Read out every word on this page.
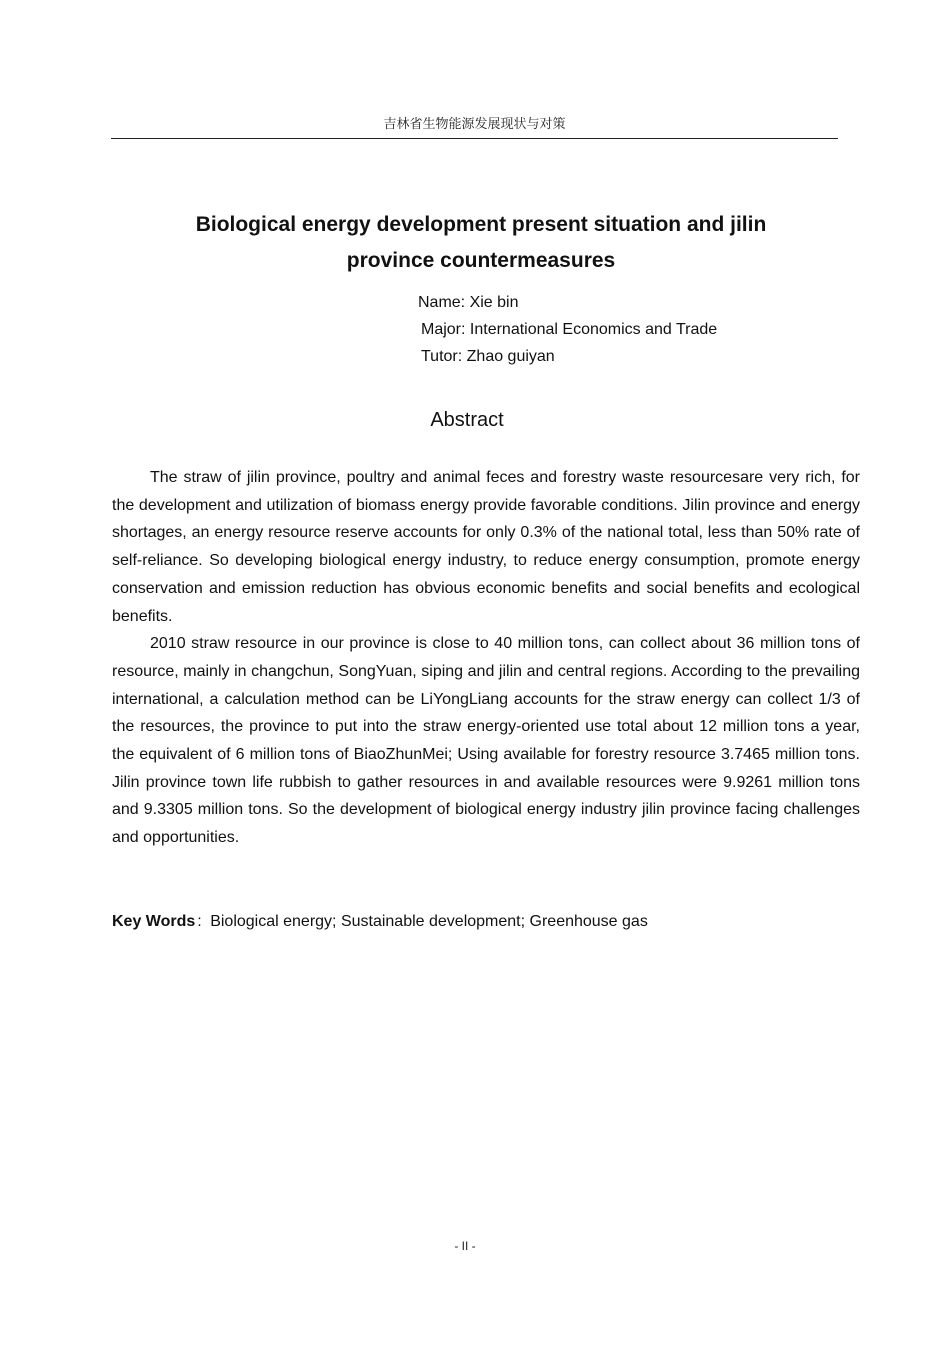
吉林省生物能源发展现状与对策
Biological energy development present situation and jilin
province countermeasures
Name: Xie bin
Major: International Economics and Trade
Tutor: Zhao guiyan
Abstract

The straw of jilin province, poultry and animal feces and forestry waste resourcesare very rich, for the development and utilization of biomass energy provide favorable conditions. Jilin province and energy shortages, an energy resource reserve accounts for only 0.3% of the national total, less than 50% rate of self-reliance. So developing biological energy industry, to reduce energy consumption, promote energy conservation and emission reduction has obvious economic benefits and social benefits and ecological benefits.

2010 straw resource in our province is close to 40 million tons, can collect about 36 million tons of resource, mainly in changchun, SongYuan, siping and jilin and central regions. According to the prevailing international, a calculation method can be LiYongLiang accounts for the straw energy can collect 1/3 of the resources, the province to put into the straw energy-oriented use total about 12 million tons a year, the equivalent of 6 million tons of BiaoZhunMei; Using available for forestry resource 3.7465 million tons. Jilin province town life rubbish to gather resources in and available resources were 9.9261 million tons and 9.3305 million tons. So the development of biological energy industry jilin province facing challenges and opportunities.

Key Words : Biological energy; Sustainable development; Greenhouse gas
- II -
